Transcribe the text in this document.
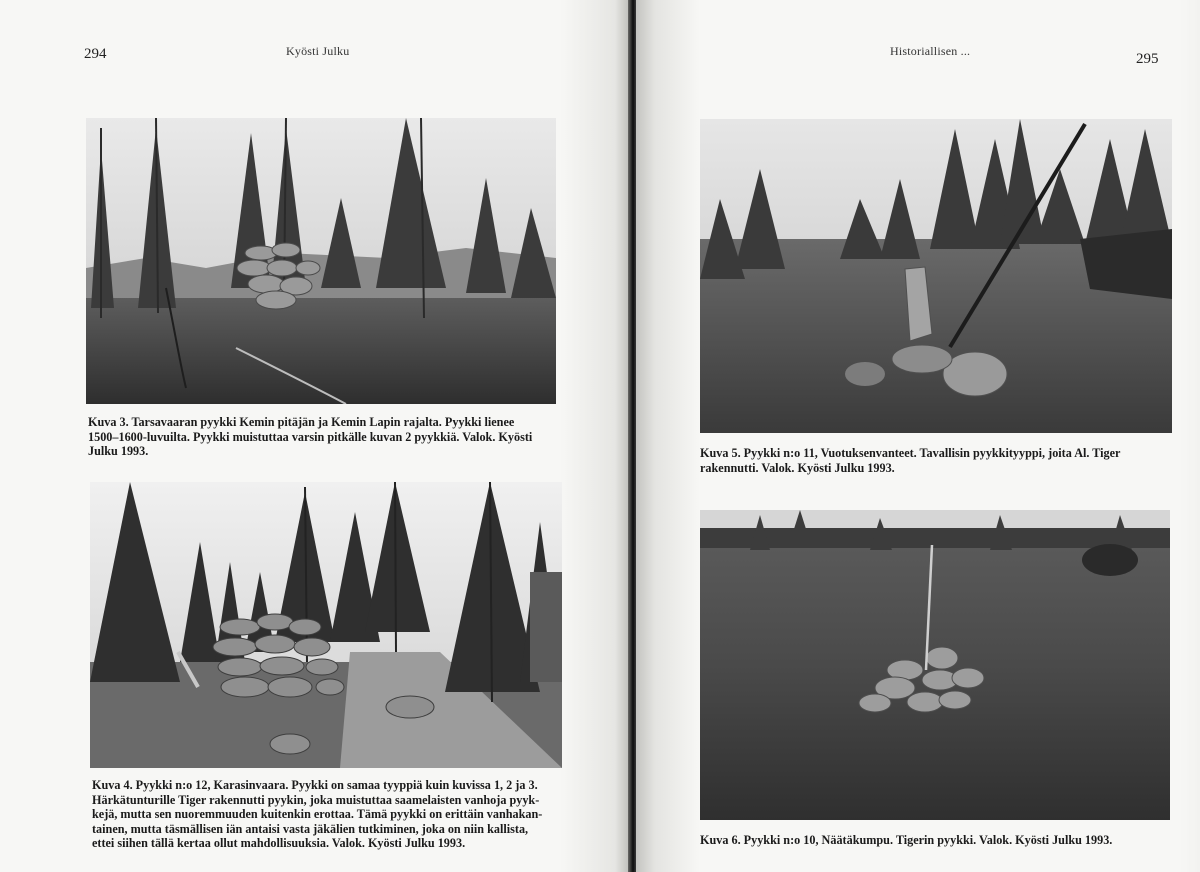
294	Kyösti Julku

Kuva 3. Tarsavaaran pyykki Kemin pitäjän ja Kemin Lapin rajalta. Pyykki lienee
1500–1600-luvuilta. Pyykki muistuttaa varsin pitkälle kuvan 2 pyykkiä. Valok. Kyösti
Julku 1993.

Kuva 4. Pyykki n:o 12, Karasinvaara. Pyykki on samaa tyyppiä kuin kuvissa 1, 2 ja 3.
Härkätunturille Tiger rakennutti pyykin, joka muistuttaa saamelaisten vanhoja pyyk-
kejä, mutta sen nuoremmuuden kuitenkin erottaa. Tämä pyykki on erittäin vanhakan-
tainen, mutta täsmällisen iän antaisi vasta jäkälien tutkiminen, joka on niin kallista,
ettei siihen tällä kertaa ollut mahdollisuuksia. Valok. Kyösti Julku 1993.

Historiallisen ...	295

Kuva 5. Pyykki n:o 11, Vuotuksenvanteet. Tavallisin pyykkityyppi, joita Al. Tiger
rakennutti. Valok. Kyösti Julku 1993.

Kuva 6. Pyykki n:o 10, Näätäkumpu. Tigerin pyykki. Valok. Kyösti Julku 1993.
